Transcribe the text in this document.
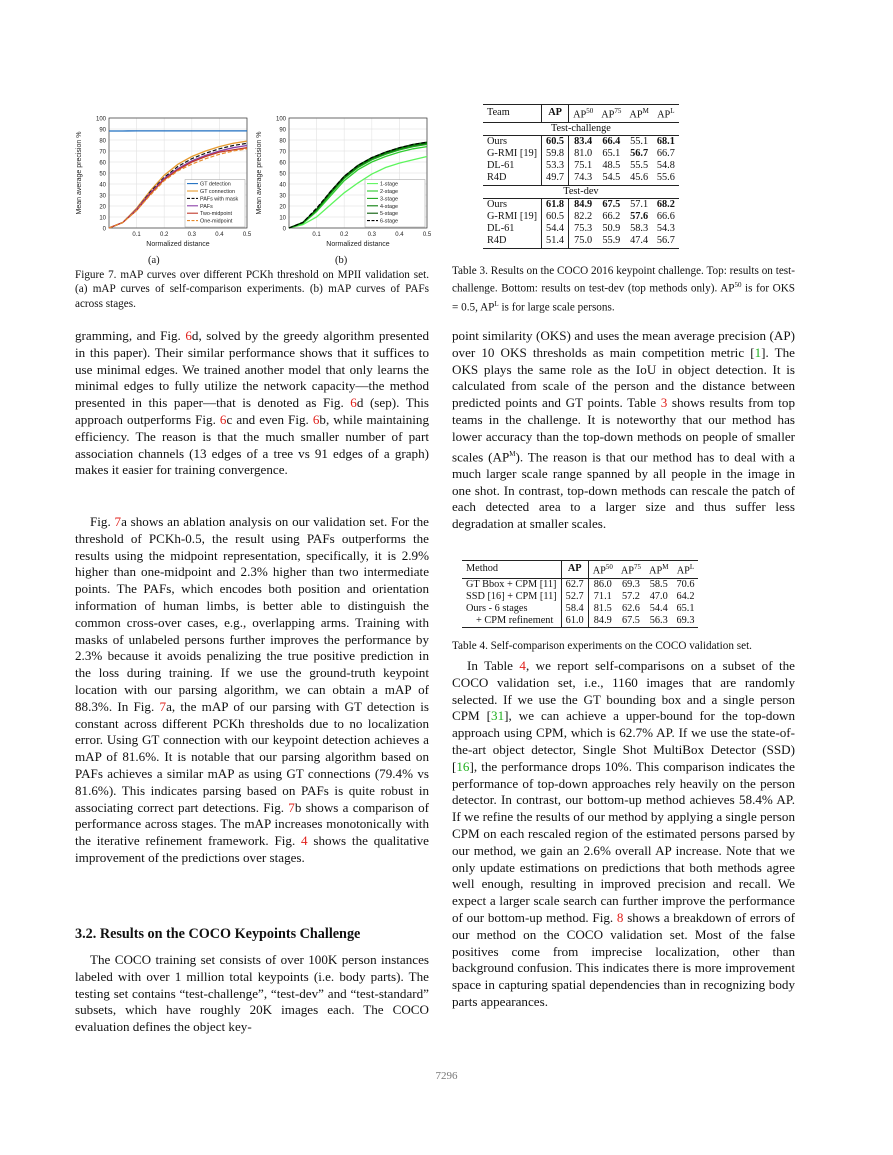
0
10
20
30
40
50
60
70
80
90
100
0.1	0.2	0.3	0.4	0.5
Normalized distance
Mean average precision %	GT detection
GT connection
PAFs with mask
PAFs
Two-midpoint
One-midpoint
0
10
20
30
40
50
60
70
80
90
100
0.1	0.2	0.3	0.4	0.5
Normalized distance
Mean average precision %	1-stage
2-stage
3-stage
4-stage
5-stage
6-stage
(a)	(b)

Figure 7. mAP curves over different PCKh threshold on MPII validation set. (a) mAP curves of self-comparison experiments. (b) mAP curves of PAFs across stages.

Team	AP	AP$^{50}$	AP$^{75}$	$AP^M$	$AP^L$
Test-challenge					
Ours	60.5	83.4	66.4	55.1	68.1
G-RMI [19]	59.8	81.0	65.1	56.7	66.7
DL-61	53.3	75.1	48.5	55.5	54.8
R4D	49.7	74.3	54.5	45.6	55.6
Test-dev					
Ours	61.8	84.9	67.5	57.1	68.2
G-RMI [19]	60.5	82.2	66.2	57.6	66.6
DL-61	54.4	75.3	50.9	58.3	54.3
R4D	51.4	75.0	55.9	47.4	56.7

Table 3. Results on the COCO 2016 keypoint challenge. Top: results on test-challenge. Bottom: results on test-dev (top methods only). AP$^{50}$ is for OKS = 0.5, $AP^L$ is for large scale persons.

gramming, and Fig. 6d, solved by the greedy algorithm presented in this paper). Their similar performance shows that it suffices to use minimal edges. We trained another model that only learns the minimal edges to fully utilize the network capacity—the method presented in this paper—that is denoted as Fig. 6d (sep). This approach outperforms Fig. 6c and even Fig. 6b, while maintaining efficiency. The reason is that the much smaller number of part association channels (13 edges of a tree vs 91 edges of a graph) makes it easier for training convergence.

Fig. 7a shows an ablation analysis on our validation set. For the threshold of PCKh-0.5, the result using PAFs outperforms the results using the midpoint representation, specifically, it is 2.9% higher than one-midpoint and 2.3% higher than two intermediate points. The PAFs, which encodes both position and orientation information of human limbs, is better able to distinguish the common cross-over cases, e.g., overlapping arms. Training with masks of unlabeled persons further improves the performance by 2.3% because it avoids penalizing the true positive prediction in the loss during training. If we use the ground-truth keypoint location with our parsing algorithm, we can obtain a mAP of 88.3%. In Fig. 7a, the mAP of our parsing with GT detection is constant across different PCKh thresholds due to no localization error. Using GT connection with our keypoint detection achieves a mAP of 81.6%. It is notable that our parsing algorithm based on PAFs achieves a similar mAP as using GT connections (79.4% vs 81.6%). This indicates parsing based on PAFs is quite robust in associating correct part detections. Fig. 7b shows a comparison of performance across stages. The mAP increases monotonically with the iterative refinement framework. Fig. 4 shows the qualitative improvement of the predictions over stages.

3.2. Results on the COCO Keypoints Challenge

The COCO training set consists of over 100K person instances labeled with over 1 million total keypoints (i.e. body parts). The testing set contains “test-challenge”, “test-dev” and “test-standard” subsets, which have roughly 20K images each. The COCO evaluation defines the object key-

point similarity (OKS) and uses the mean average precision (AP) over 10 OKS thresholds as main competition metric [1]. The OKS plays the same role as the IoU in object detection. It is calculated from scale of the person and the distance between predicted points and GT points. Table 3 shows results from top teams in the challenge. It is noteworthy that our method has lower accuracy than the top-down methods on people of smaller scales $(AP^M)$. The reason is that our method has to deal with a much larger scale range spanned by all people in the image in one shot. In contrast, top-down methods can rescale the patch of each detected area to a larger size and thus suffer less degradation at smaller scales.

Method	AP	AP$^{50}$	AP$^{75}$	$AP^M$	$AP^L$
GT Bbox + CPM [11]	62.7	86.0	69.3	58.5	70.6
SSD [16] + CPM [11]	52.7	71.1	57.2	47.0	64.2
Ours - 6 stages	58.4	81.5	62.6	54.4	65.1
+ CPM refinement	61.0	84.9	67.5	56.3	69.3

Table 4. Self-comparison experiments on the COCO validation set.

In Table 4, we report self-comparisons on a subset of the COCO validation set, i.e., 1160 images that are randomly selected. If we use the GT bounding box and a single person CPM [31], we can achieve a upper-bound for the top-down approach using CPM, which is 62.7% AP. If we use the state-of-the-art object detector, Single Shot MultiBox Detector (SSD)[16], the performance drops 10%. This comparison indicates the performance of top-down approaches rely heavily on the person detector. In contrast, our bottom-up method achieves 58.4% AP. If we refine the results of our method by applying a single person CPM on each rescaled region of the estimated persons parsed by our method, we gain an 2.6% overall AP increase. Note that we only update estimations on predictions that both methods agree well enough, resulting in improved precision and recall. We expect a larger scale search can further improve the performance of our bottom-up method. Fig. 8 shows a breakdown of errors of our method on the COCO validation set. Most of the false positives come from imprecise localization, other than background confusion. This indicates there is more improvement space in capturing spatial dependencies than in recognizing body parts appearances.

7296
